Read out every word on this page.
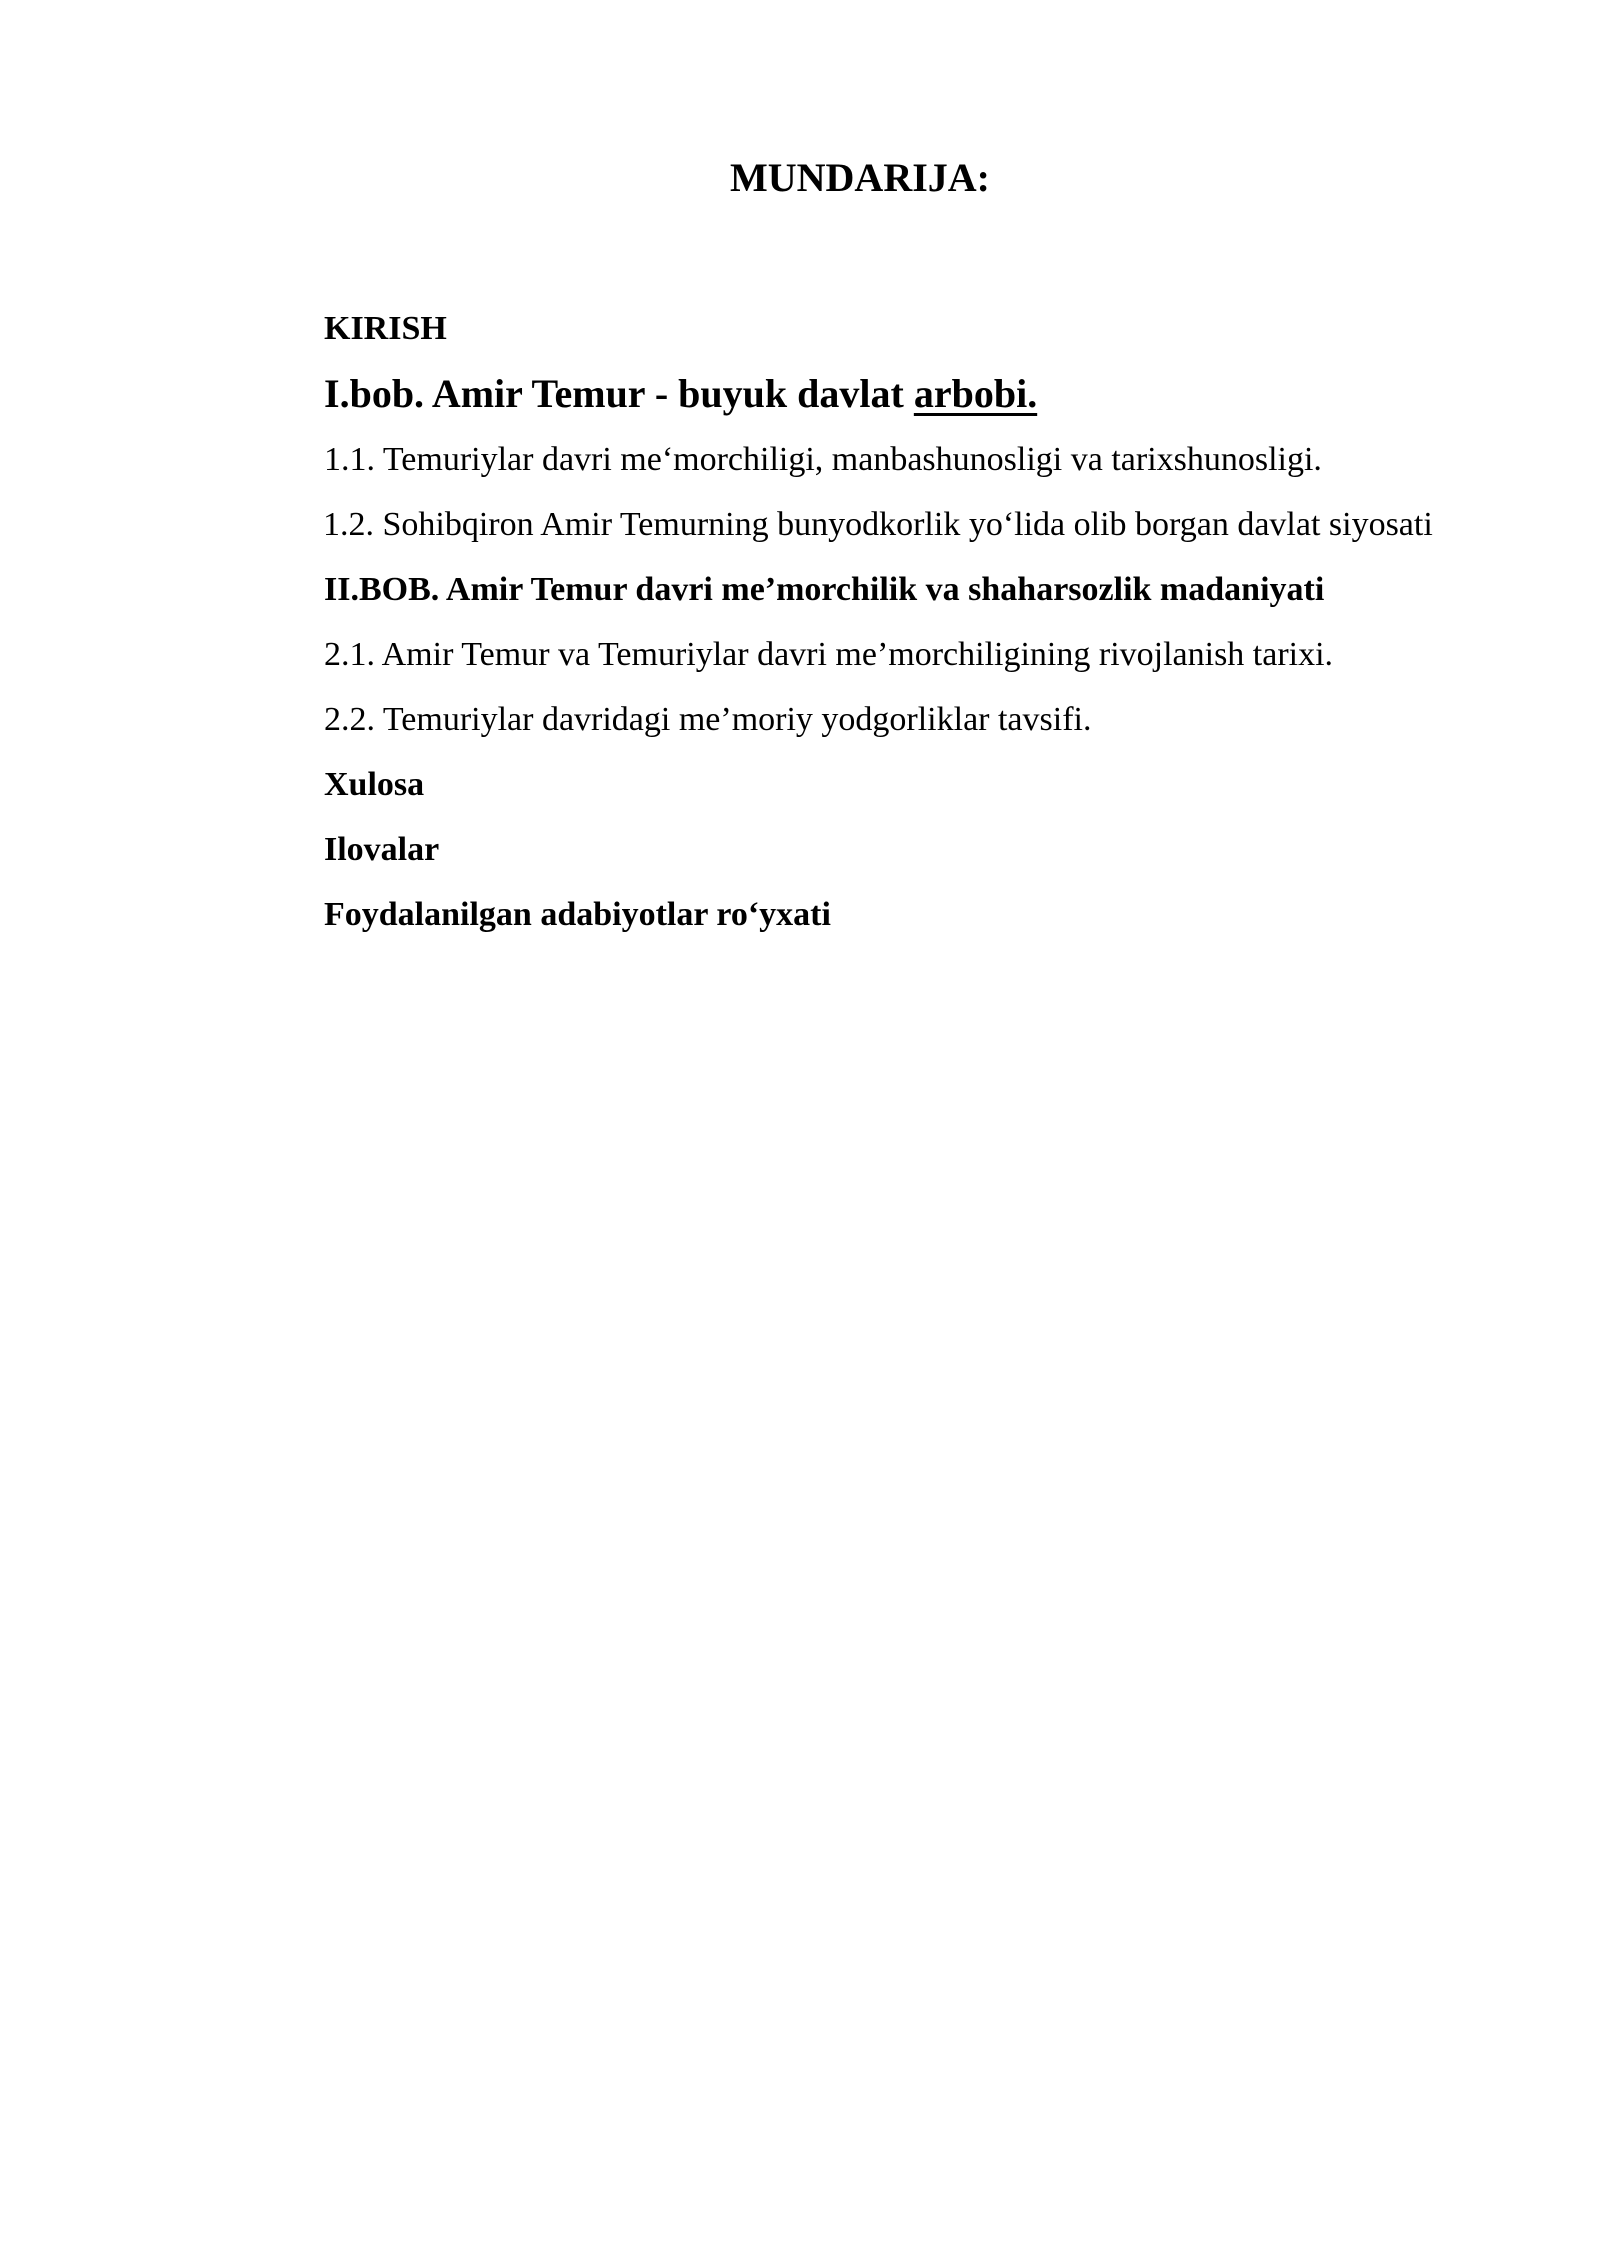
MUNDARIJA:
KIRISH
I.bob. Amir Temur - buyuk davlat arbobi.
1.1. Temuriylar davri me‘morchiligi, manbashunosligi va tarixshunosligi.
1.2. Sohibqiron Amir Temurning bunyodkorlik yo‘lida olib borgan davlat siyosati
II.BOB. Amir Temur davri me’morchilik va shaharsozlik madaniyati
2.1. Amir Temur va Temuriylar davri me’morchiligining rivojlanish tarixi.
2.2. Temuriylar davridagi me’moriy yodgorliklar tavsifi.
Xulosa
Ilovalar
Foydalanilgan adabiyotlar ro‘yxati
